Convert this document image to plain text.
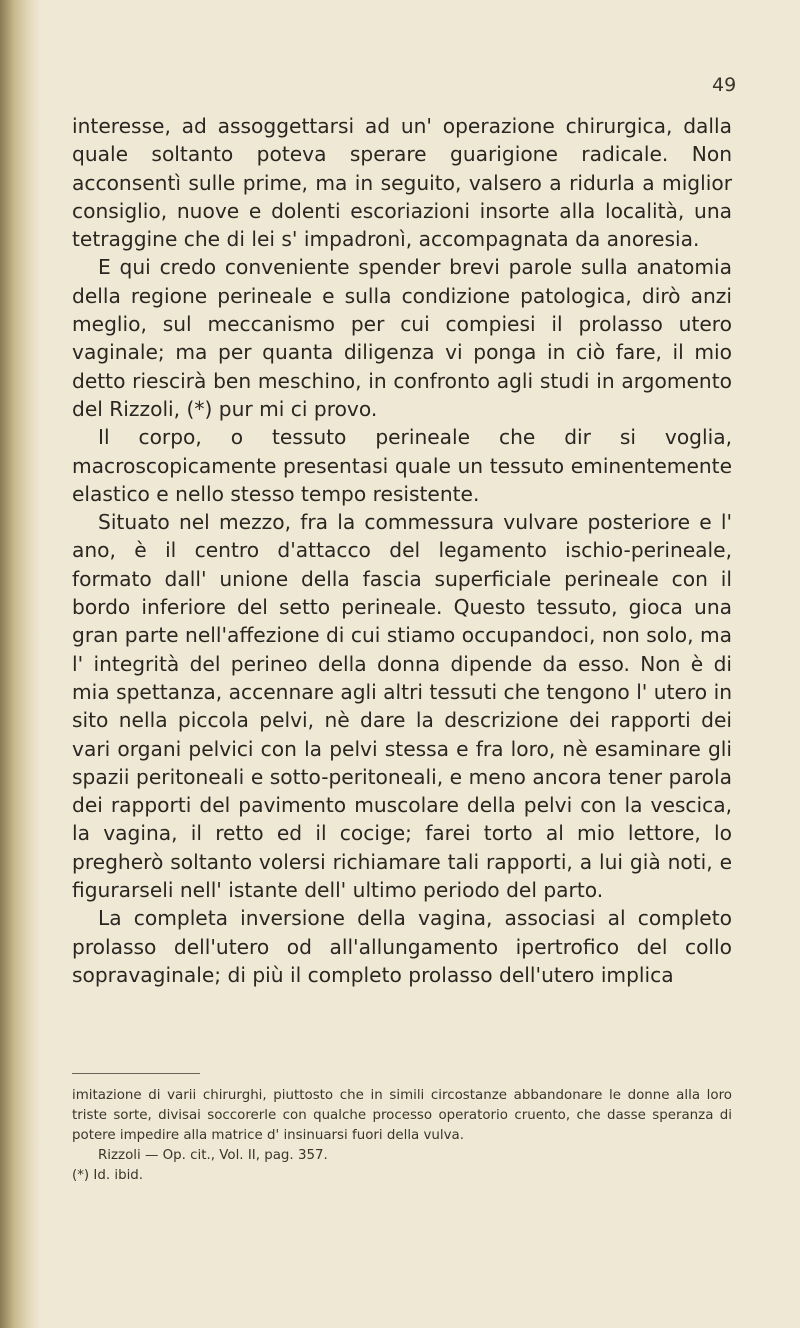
49

interesse, ad assoggettarsi ad un' operazione chirurgica, dalla quale soltanto poteva sperare guarigione radicale. Non acconsentì sulle prime, ma in seguito, valsero a ridurla a miglior consiglio, nuove e dolenti escoriazioni insorte alla località, una tetraggine che di lei s' impadronì, accompagnata da anoresia.

E qui credo conveniente spender brevi parole sulla anatomia della regione perineale e sulla condizione patologica, dirò anzi meglio, sul meccanismo per cui compiesi il prolasso utero vaginale; ma per quanta diligenza vi ponga in ciò fare, il mio detto riescirà ben meschino, in confronto agli studi in argomento del Rizzoli, (*) pur mi ci provo.

Il corpo, o tessuto perineale che dir si voglia, macroscopicamente presentasi quale un tessuto eminentemente elastico e nello stesso tempo resistente.

Situato nel mezzo, fra la commessura vulvare posteriore e l' ano, è il centro d'attacco del legamento ischio-perineale, formato dall' unione della fascia superficiale perineale con il bordo inferiore del setto perineale. Questo tessuto, gioca una gran parte nell'affezione di cui stiamo occupandoci, non solo, ma l' integrità del perineo della donna dipende da esso. Non è di mia spettanza, accennare agli altri tessuti che tengono l' utero in sito nella piccola pelvi, nè dare la descrizione dei rapporti dei vari organi pelvici con la pelvi stessa e fra loro, nè esaminare gli spazii peritoneali e sotto-peritoneali, e meno ancora tener parola dei rapporti del pavimento muscolare della pelvi con la vescica, la vagina, il retto ed il cocige; farei torto al mio lettore, lo pregherò soltanto volersi richiamare tali rapporti, a lui già noti, e figurarseli nell' istante dell' ultimo periodo del parto.

La completa inversione della vagina, associasi al completo prolasso dell'utero od all'allungamento ipertrofico del collo sopravaginale; di più il completo prolasso dell'utero implica

imitazione di varii chirurghi, piuttosto che in simili circostanze abbandonare le donne alla loro triste sorte, divisai soccorerle con qualche processo operatorio cruento, che dasse speranza di potere impedire alla matrice d' insinuarsi fuori della vulva.

Rizzoli — Op. cit., Vol. II, pag. 357.

(*) Id. ibid.
